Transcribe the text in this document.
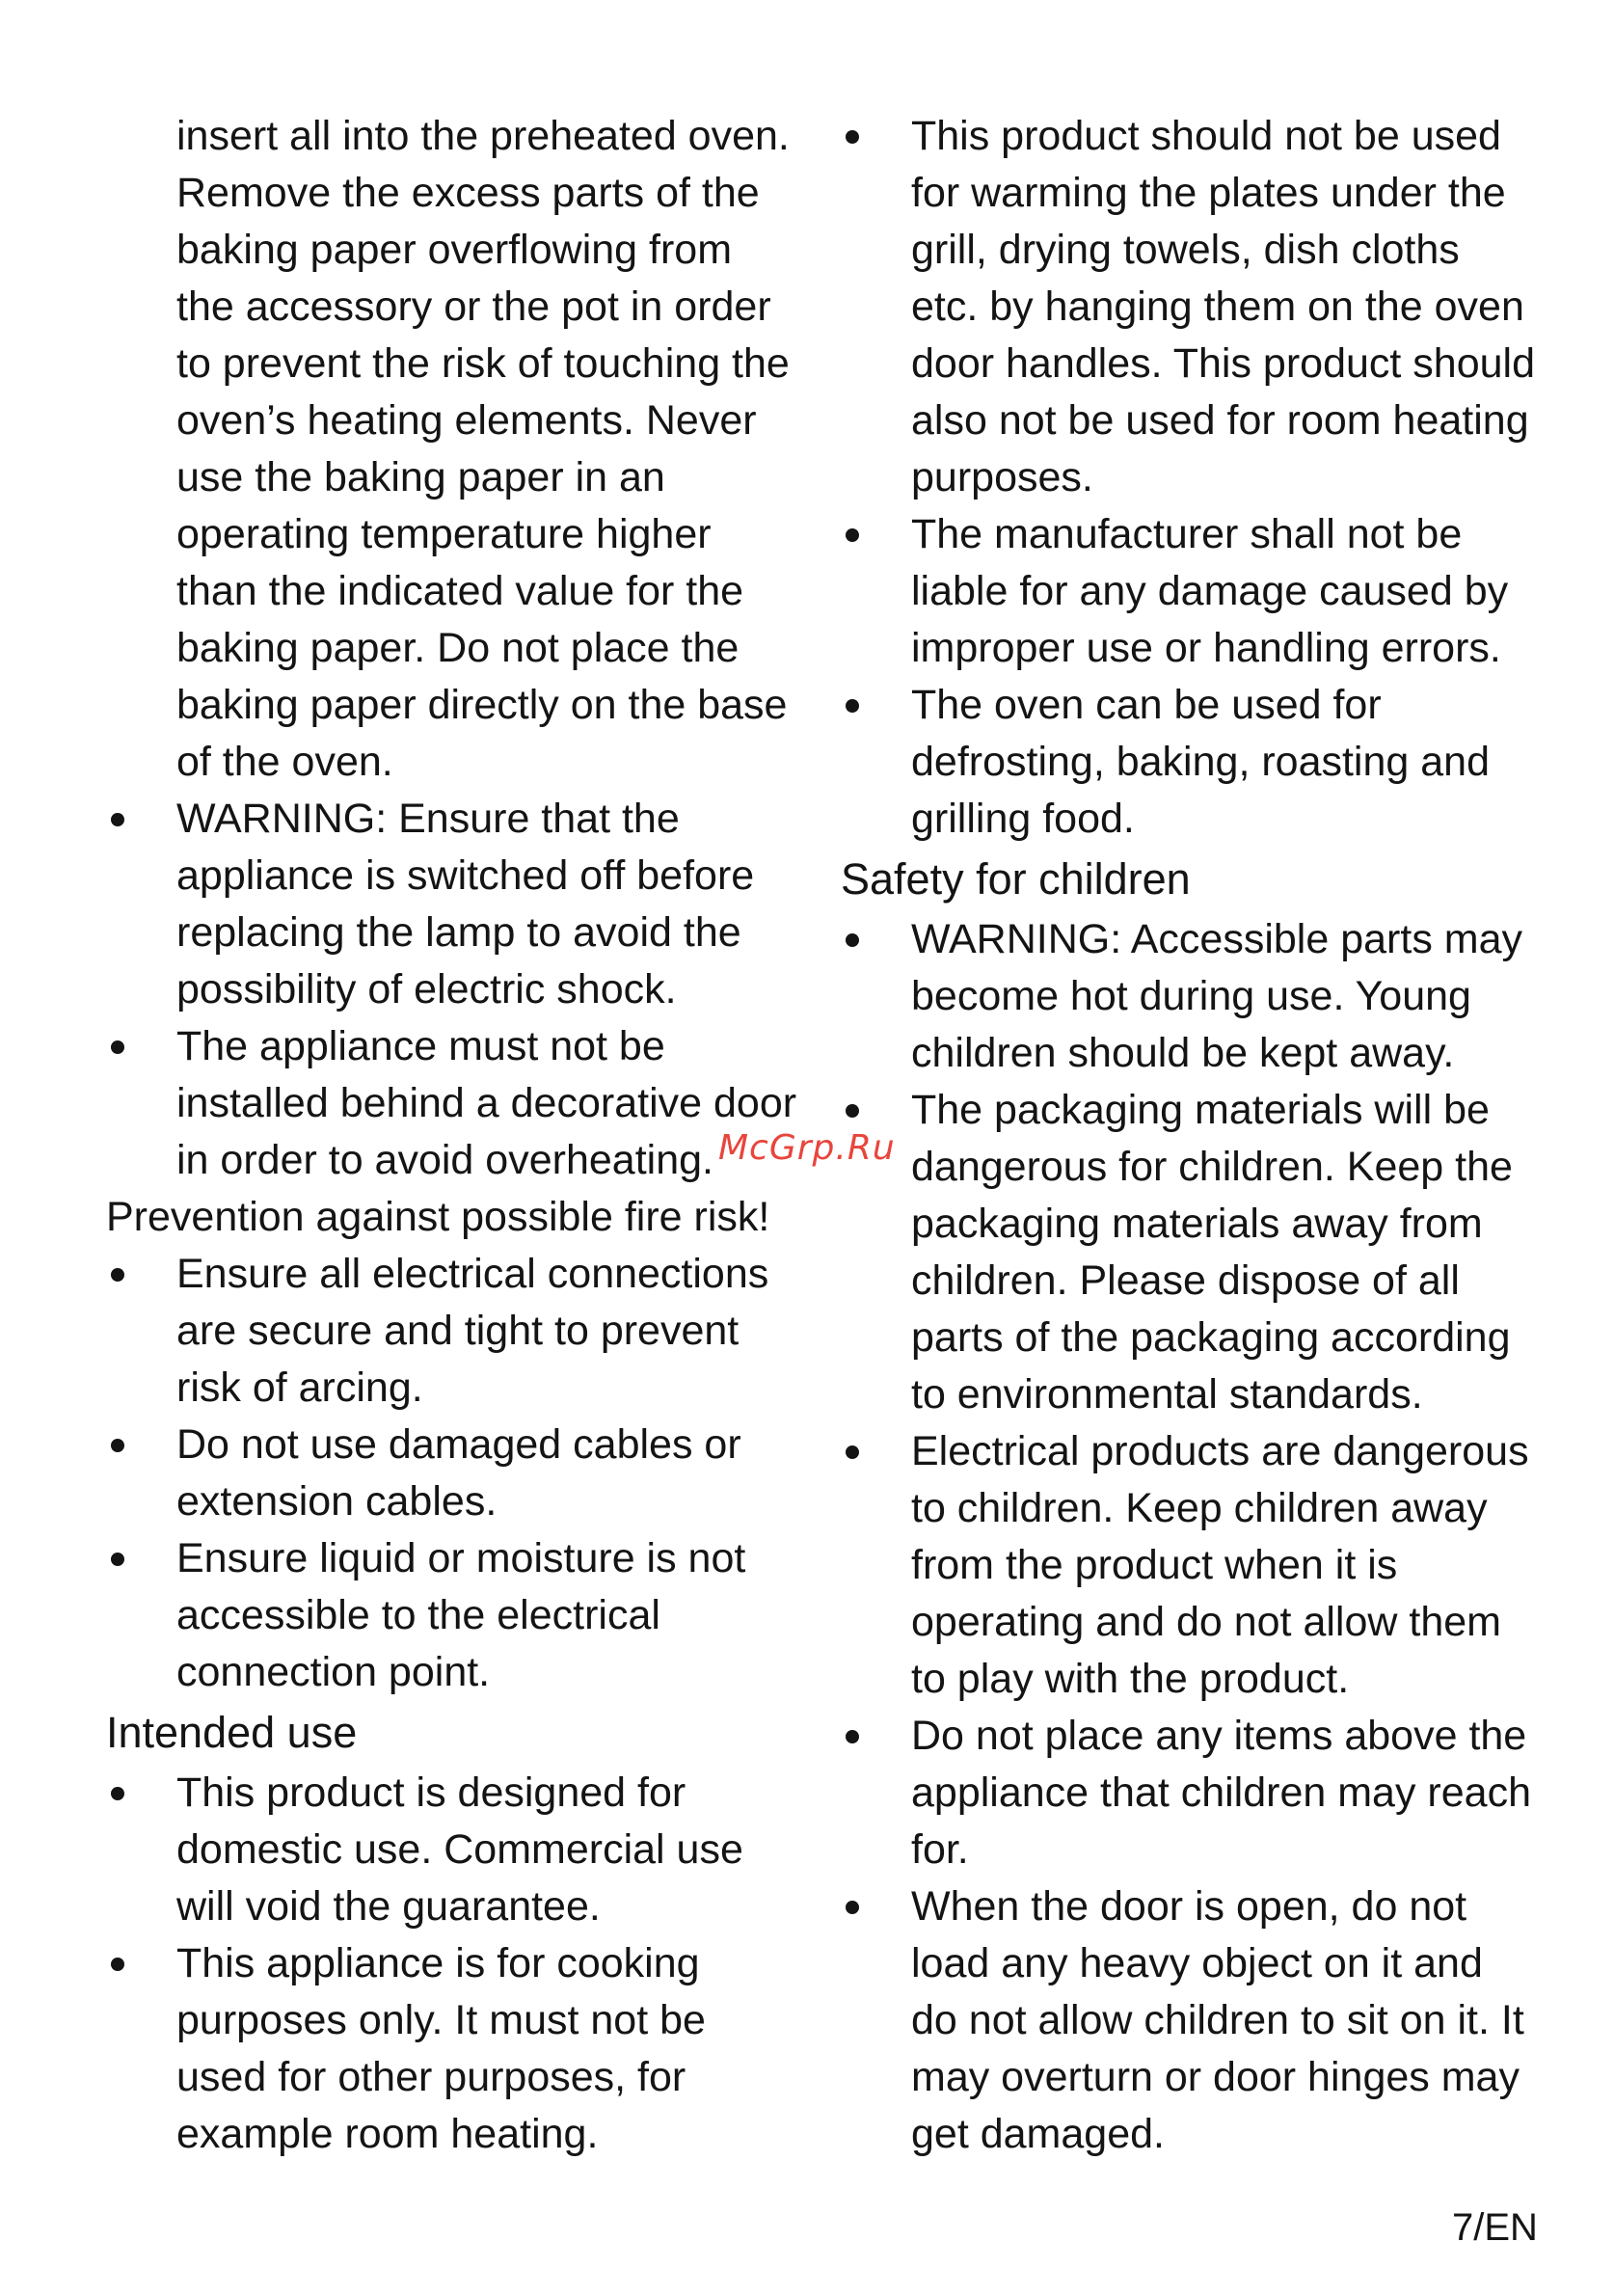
insert all into the preheated oven. Remove the excess parts of the baking paper overflowing from the accessory or the pot in order to prevent the risk of touching the oven’s heating elements. Never use the baking paper in an operating temperature higher than the indicated value for the baking paper. Do not place the baking paper directly on the base of the oven.

WARNING: Ensure that the appliance is switched off before replacing the lamp to avoid the possibility of electric shock.
The appliance must not be installed behind a decorative door in order to avoid overheating.

Prevention against possible fire risk!

Ensure all electrical connections are secure and tight to prevent risk of arcing.
Do not use damaged cables or extension cables.
Ensure liquid or moisture is not accessible to the electrical connection point.

Intended use

This product is designed for domestic use. Commercial use will void the guarantee.
This appliance is for cooking purposes only. It must not be used for other purposes, for example room heating.
This product should not be used for warming the plates under the grill, drying towels, dish cloths etc. by hanging them on the oven door handles. This product should also not be used for room heating purposes.
The manufacturer shall not be liable for any damage caused by improper use or handling errors.
The oven can be used for defrosting, baking, roasting and grilling food.

Safety for children

WARNING: Accessible parts may become hot during use. Young children should be kept away.
The packaging materials will be dangerous for children. Keep the packaging materials away from children. Please dispose of all parts of the packaging according to environmental standards.
Electrical products are dangerous to children. Keep children away from the product when it is operating and do not allow them to play with the product.
Do not place any items above the appliance that children may reach for.
When the door is open, do not load any heavy object on it and do not allow children to sit on it. It may overturn or door hinges may get damaged.
McGrp.Ru
7/EN
